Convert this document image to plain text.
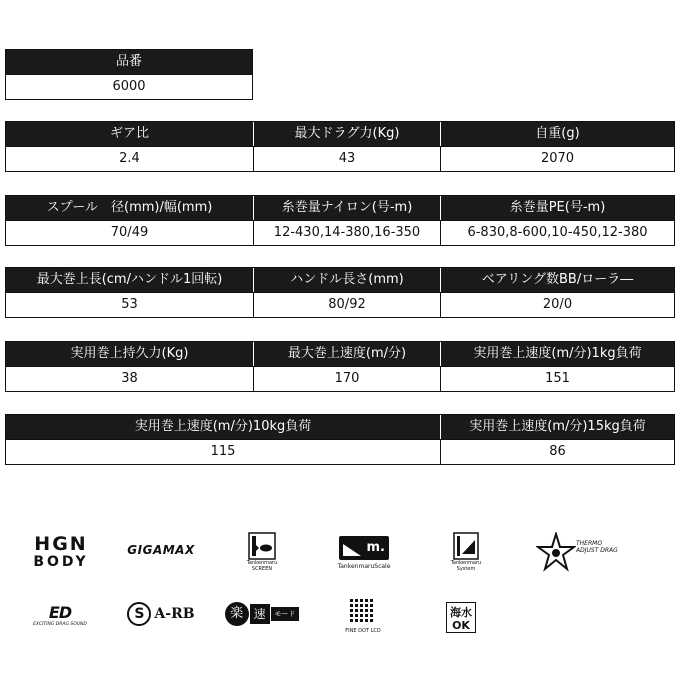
品番
6000
ギア比	最大ドラグ力(Kg)	自重(g)
2.4	43	2070
スプール　径(mm)/幅(mm)	糸巻量ナイロン(号-m)	糸巻量PE(号-m)
70/49	12-430,14-380,16-350	6-830,8-600,10-450,12-380
最大巻上長(cm/ハンドル1回転)	ハンドル長さ(mm)	ベアリング数BB/ローラ―
53	80/92	20/0
実用巻上持久力(Kg)	最大巻上速度(m/分)	実用巻上速度(m/分)1kg負荷
38	170	151
実用巻上速度(m/分)10kg負荷	実用巻上速度(m/分)15kg負荷
115	86
HGN
BODY
GIGAMAX
Tankenmaru
SCREEN
m.
TankenmaruScale	Tankenmaru
System
THERMO
ADJUST DRAG
ED
EXCITING DRAG SOUND
S A-RB	楽 速	モード
FINE DOT LCD
海 水
OK
